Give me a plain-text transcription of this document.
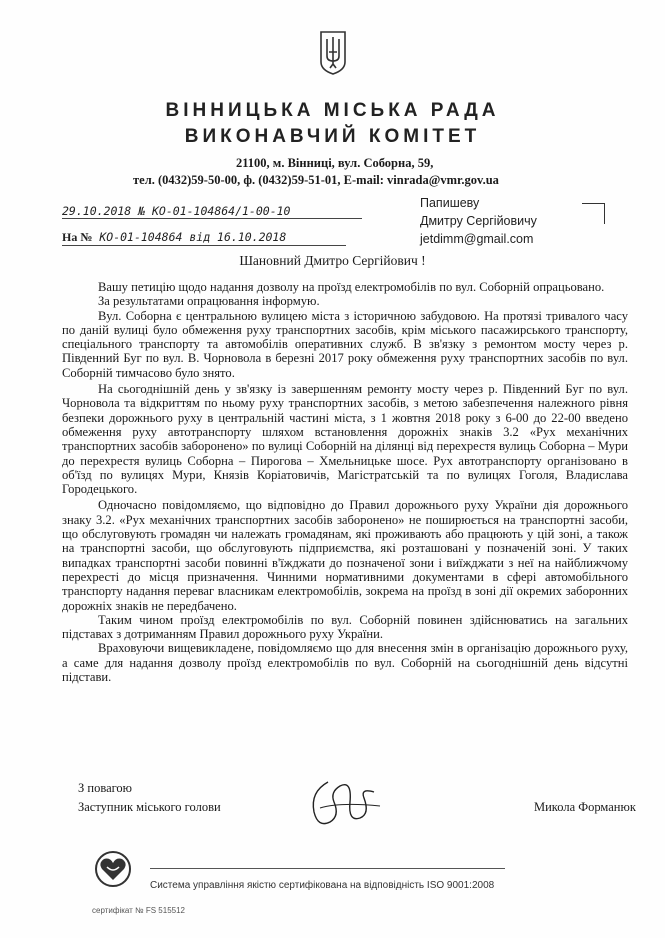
ВІННИЦЬКА МІСЬКА РАДА
ВИКОНАВЧИЙ КОМІТЕТ
21100, м. Вінниці, вул. Соборна, 59,
тел. (0432)59-50-00, ф. (0432)59-51-01, E-mail: vinrada@vmr.gov.ua
29.10.2018 № КО-01-104864/1-00-10
На № КО-01-104864 від 16.10.2018
Папишеву
Дмитру Сергійовичу
jetdimm@gmail.com
Шановний Дмитро Сергійович !

Вашу петицію щодо надання дозволу на проїзд електромобілів по вул. Соборній опрацьовано.

За результатами опрацювання інформую.

Вул. Соборна є центральною вулицею міста з історичною забудовою. На протязі тривалого часу по даній вулиці було обмеження руху транспортних засобів, крім міського пасажирського транспорту, спеціального транспорту та автомобілів оперативних служб. В зв'язку з ремонтом мосту через р. Південний Буг по вул. В. Чорновола в березні 2017 року обмеження руху транспортних засобів по вул. Соборній тимчасово було знято.

На сьогоднішній день у зв'язку із завершенням ремонту мосту через р. Південний Буг по вул. Чорновола та відкриттям по ньому руху транспортних засобів, з метою забезпечення належного рівня безпеки дорожнього руху в центральній частині міста, з 1 жовтня 2018 року з 6-00 до 22-00 введено обмеження руху автотранспорту шляхом встановлення дорожніх знаків 3.2 «Рух механічних транспортних засобів заборонено» по вулиці Соборній на ділянці від перехрестя вулиць Соборна – Мури до перехрестя вулиць Соборна – Пирогова – Хмельницьке шосе. Рух автотранспорту організовано в об'їзд по вулицях Мури, Князів Коріатовичів, Магістратській та по вулицях Гоголя, Владислава Городецького.

Одночасно повідомляємо, що відповідно до Правил дорожнього руху України дія дорожнього знаку 3.2. «Рух механічних транспортних засобів заборонено» не поширюється на транспортні засоби, що обслуговують громадян чи належать громадянам, які проживають або працюють у цій зоні, а також на транспортні засоби, що обслуговують підприємства, які розташовані у позначеній зоні. У таких випадках транспортні засоби повинні в'їжджати до позначеної зони і виїжджати з неї на найближчому перехресті до місця призначення. Чинними нормативними документами в сфері автомобільного транспорту надання переваг власникам електромобілів, зокрема на проїзд в зоні дії окремих заборонних дорожніх знаків не передбачено.

Таким чином проїзд електромобілів по вул. Соборній повинен здійснюватись на загальних підставах з дотриманням Правил дорожнього руху України.

Враховуючи вищевикладене, повідомляємо що для внесення змін в організацію дорожнього руху, а саме для надання дозволу проїзд електромобілів по вул. Соборній на сьогоднішній день відсутні підстави.

З повагою
Заступник міського голови	Микола Форманюк
Система управління якістю сертифікована на відповідність ISO 9001:2008
сертифікат № FS 515512
